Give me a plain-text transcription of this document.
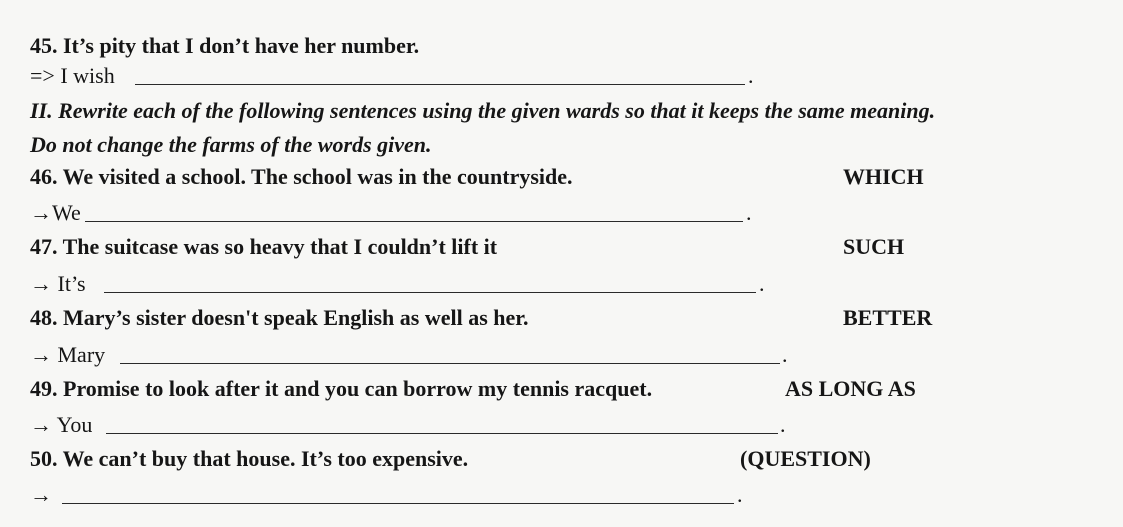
45. It’s pity that I don’t have her number.
=> I wish	.
II. Rewrite each of the following sentences using the given wards so that it keeps the same meaning.
Do not change the farms of the words given.
46. We visited a school. The school was in the countryside.	WHICH
→We	.
47. The suitcase was so heavy that I couldn’t lift it	SUCH
→ It’s	.
48. Mary’s sister doesn't speak English as well as her.	BETTER
→ Mary	.
49. Promise to look after it and you can borrow my tennis racquet.	AS LONG AS
→ You	.
50. We can’t buy that house. It’s too expensive.	(QUESTION)
→	.
